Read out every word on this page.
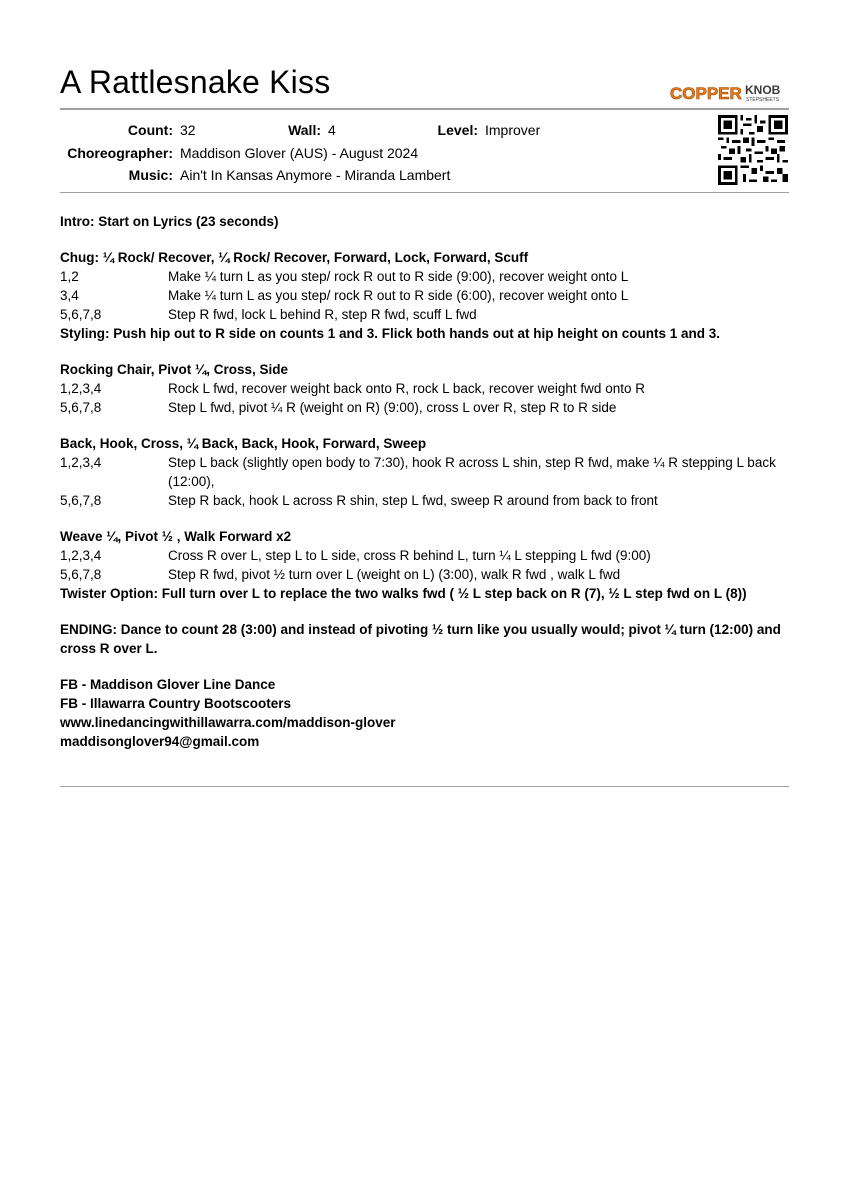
A Rattlesnake Kiss	COPPER KNOB
STEPSHEETS
Count: 32	Wall: 4	Level: Improver
Choreographer: Maddison Glover (AUS) - August 2024
Music: Ain't In Kansas Anymore - Miranda Lambert
Intro: Start on Lyrics (23 seconds)
Chug: ¼ Rock/ Recover, ¼ Rock/ Recover, Forward, Lock, Forward, Scuff
1,2	Make ¼ turn L as you step/ rock R out to R side (9:00), recover weight onto L
3,4	Make ¼ turn L as you step/ rock R out to R side (6:00), recover weight onto L
5,6,7,8	Step R fwd, lock L behind R, step R fwd, scuff L fwd
Styling: Push hip out to R side on counts 1 and 3. Flick both hands out at hip height on counts 1 and 3.
Rocking Chair, Pivot ¼, Cross, Side
1,2,3,4	Rock L fwd, recover weight back onto R, rock L back, recover weight fwd onto R
5,6,7,8	Step L fwd, pivot ¼ R (weight on R) (9:00), cross L over R, step R to R side
Back, Hook, Cross, ¼ Back, Back, Hook, Forward, Sweep
1,2,3,4	Step L back (slightly open body to 7:30), hook R across L shin, step R fwd, make ¼ R stepping L back (12:00),
5,6,7,8	Step R back, hook L across R shin, step L fwd, sweep R around from back to front
Weave ¼, Pivot ½ , Walk Forward x2
1,2,3,4	Cross R over L, step L to L side, cross R behind L, turn ¼ L stepping L fwd (9:00)
5,6,7,8	Step R fwd, pivot ½ turn over L (weight on L) (3:00), walk R fwd , walk L fwd
Twister Option: Full turn over L to replace the two walks fwd ( ½ L step back on R (7), ½ L step fwd on L (8))
ENDING: Dance to count 28 (3:00) and instead of pivoting ½ turn like you usually would; pivot ¼ turn (12:00) and cross R over L.
FB - Maddison Glover Line Dance
FB - Illawarra Country Bootscooters
www.linedancingwithillawarra.com/maddison-glover
maddisonglover94@gmail.com
